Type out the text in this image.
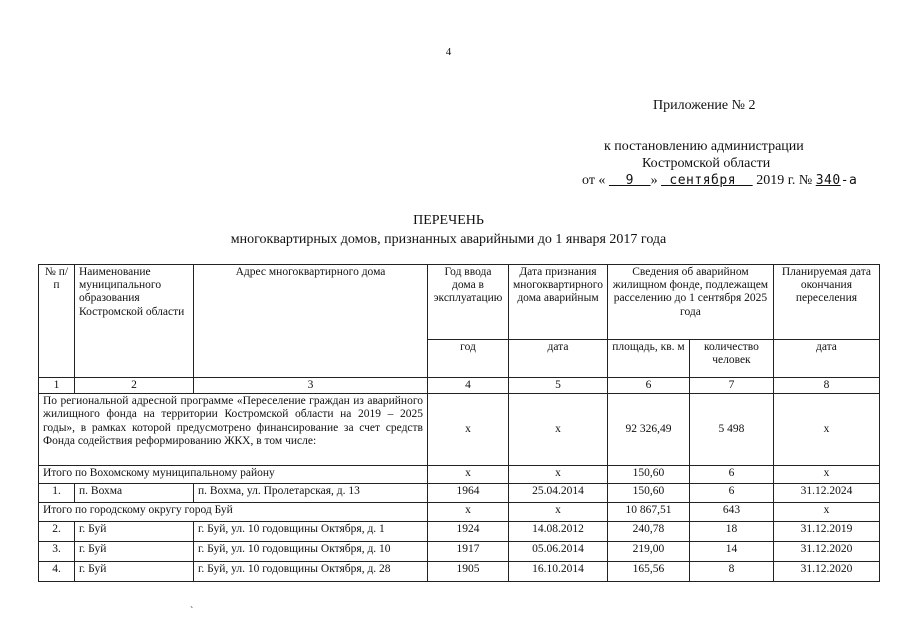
4
Приложение № 2
к постановлению администрации
Костромской области
от « 9 » сентября 2019 г. № 340-а
ПЕРЕЧЕНЬ
многоквартирных домов, признанных аварийными до 1 января 2017 года
№ п/п	Наименование муниципального образования Костромской области	Адрес многоквартирного дома	Год ввода дома в эксплуатацию	Дата признания многоквартирного дома аварийным	Сведения об аварийном жилищном фонде, подлежащем расселению до 1 сентября 2025 года		Планируемая дата окончания переселения
			год	дата	площадь, кв. м	количество человек	дата
1	2	3	4	5	6	7	8
По региональной адресной программе «Переселение граждан из аварийного жилищного фонда на территории Костромской области на 2019 – 2025 годы», в рамках которой предусмотрено финансирование за счет средств Фонда содействия реформированию ЖКХ, в том числе:			х	х	92 326,49	5 498	х
Итого по Вохомскому муниципальному району			х	х	150,60	6	х
1.	п. Вохма	п. Вохма, ул. Пролетарская, д. 13	1964	25.04.2014	150,60	6	31.12.2024
Итого по городскому округу город Буй			х	х	10 867,51	643	х
2.	г. Буй	г. Буй, ул. 10 годовщины Октября, д. 1	1924	14.08.2012	240,78	18	31.12.2019
3.	г. Буй	г. Буй, ул. 10 годовщины Октября, д. 10	1917	05.06.2014	219,00	14	31.12.2020
4.	г. Буй	г. Буй, ул. 10 годовщины Октября, д. 28	1905	16.10.2014	165,56	8	31.12.2020
`
